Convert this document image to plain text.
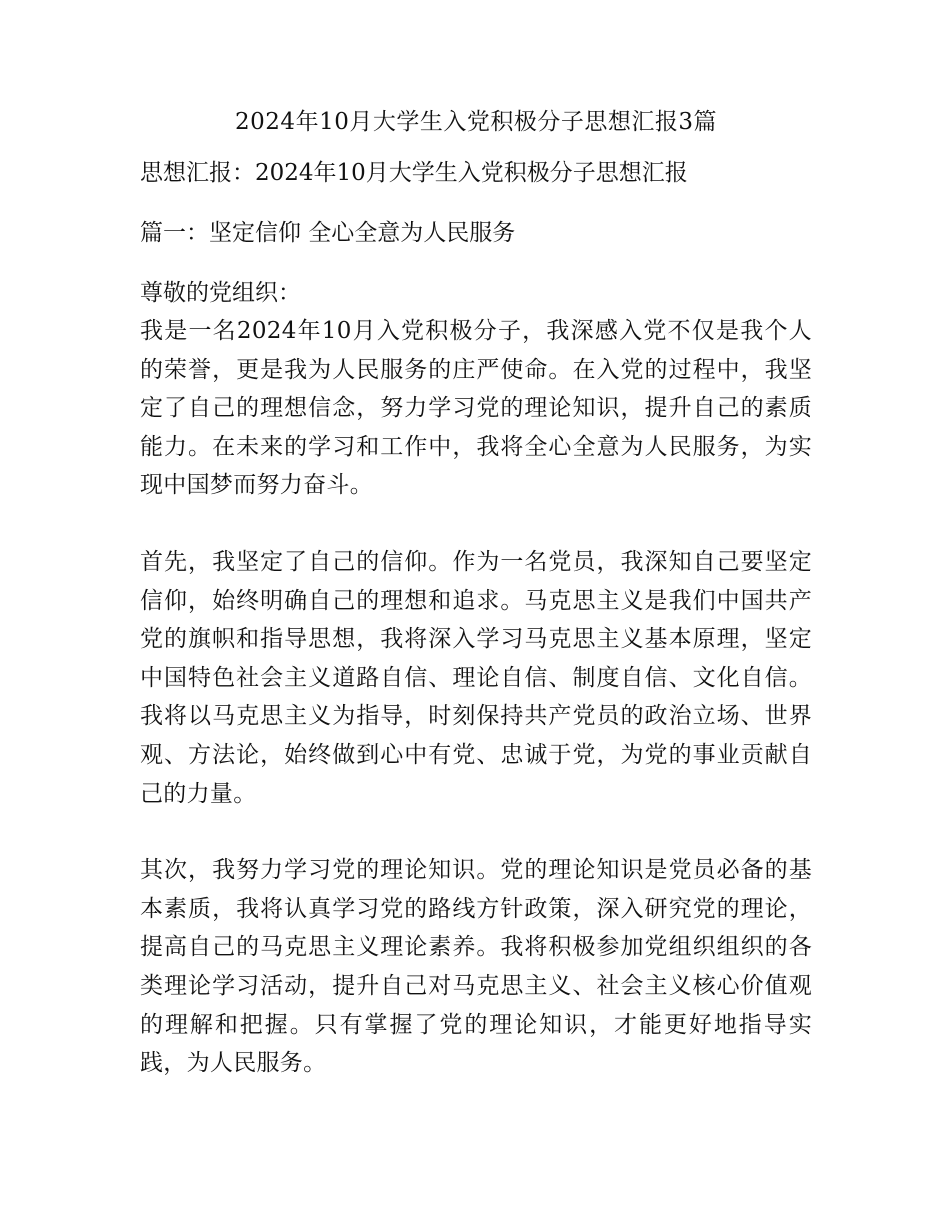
2024年10月大学生入党积极分子思想汇报3篇

思想汇报：2024年10月大学生入党积极分子思想汇报

篇一：坚定信仰 全心全意为人民服务

尊敬的党组织：

我是一名2024年10月入党积极分子，我深感入党不仅是我个人的荣誉，更是我为人民服务的庄严使命。在入党的过程中，我坚定了自己的理想信念，努力学习党的理论知识，提升自己的素质能力。在未来的学习和工作中，我将全心全意为人民服务，为实现中国梦而努力奋斗。

首先，我坚定了自己的信仰。作为一名党员，我深知自己要坚定信仰，始终明确自己的理想和追求。马克思主义是我们中国共产党的旗帜和指导思想，我将深入学习马克思主义基本原理，坚定中国特色社会主义道路自信、理论自信、制度自信、文化自信。我将以马克思主义为指导，时刻保持共产党员的政治立场、世界观、方法论，始终做到心中有党、忠诚于党，为党的事业贡献自己的力量。

其次，我努力学习党的理论知识。党的理论知识是党员必备的基本素质，我将认真学习党的路线方针政策，深入研究党的理论，提高自己的马克思主义理论素养。我将积极参加党组织组织的各类理论学习活动，提升自己对马克思主义、社会主义核心价值观的理解和把握。只有掌握了党的理论知识，才能更好地指导实践，为人民服务。
